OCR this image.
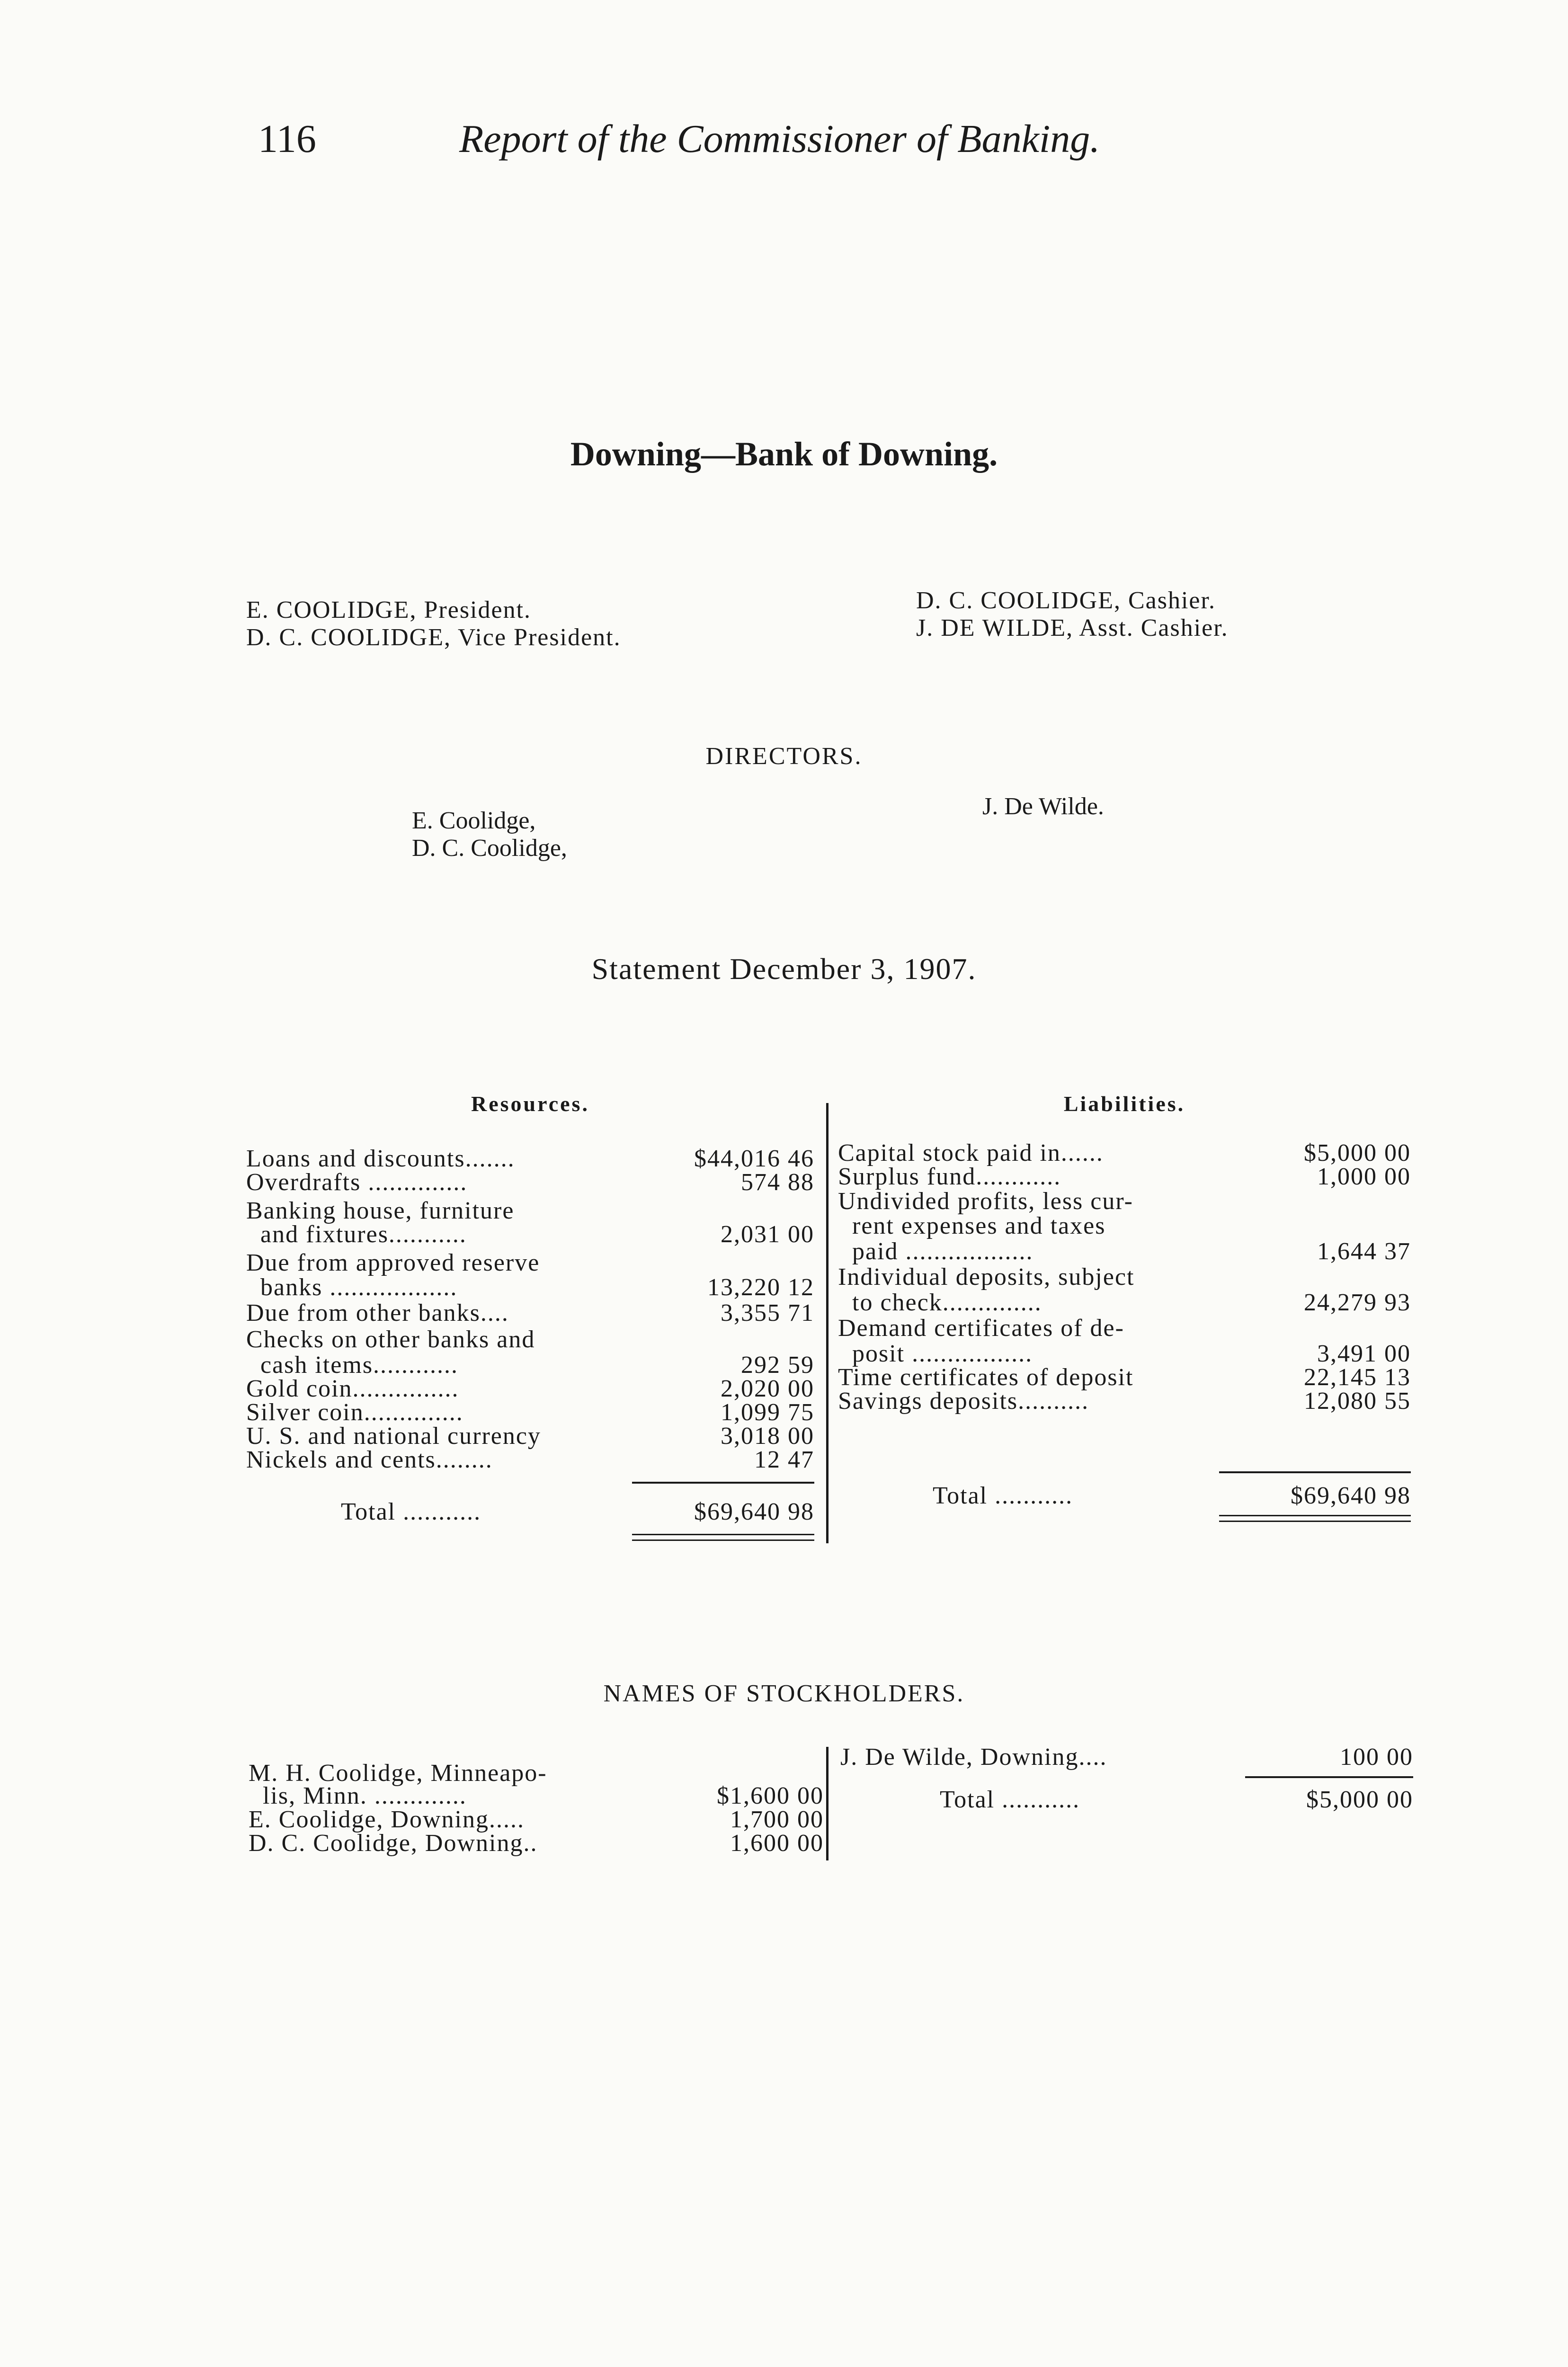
116	Report of the Commissioner of Banking.
Downing—Bank of Downing.
E. COOLIDGE, President.
D. C. COOLIDGE, Vice President.
D. C. COOLIDGE, Cashier.
J. DE WILDE, Asst. Cashier.
DIRECTORS.
E. Coolidge,
D. C. Coolidge,
J. De Wilde.
Statement December 3, 1907.
Resources.	Liabilities.
Loans and discounts.......	$44,016 46
Overdrafts ..............	574 88
Banking house, furniture
and fixtures...........	2,031 00
Due from approved reserve
banks ..................	13,220 12
Due from other banks....	3,355 71
Checks on other banks and
cash items............	292 59
Gold coin...............	2,020 00
Silver coin..............	1,099 75
U. S. and national currency	3,018 00
Nickels and cents........	12 47
Total ...........	$69,640 98
Capital stock paid in......	$5,000 00
Surplus fund............	1,000 00
Undivided profits, less cur-
rent expenses and taxes
paid ..................	1,644 37
Individual deposits, subject
to check..............	24,279 93
Demand certificates of de-
posit .................	3,491 00
Time certificates of deposit	22,145 13
Savings deposits..........	12,080 55
Total ...........	$69,640 98
NAMES OF STOCKHOLDERS.
M. H. Coolidge, Minneapo-
lis, Minn. .............	$1,600 00
E. Coolidge, Downing.....	1,700 00
D. C. Coolidge, Downing..	1,600 00
J. De Wilde, Downing....	100 00
Total ...........	$5,000 00
